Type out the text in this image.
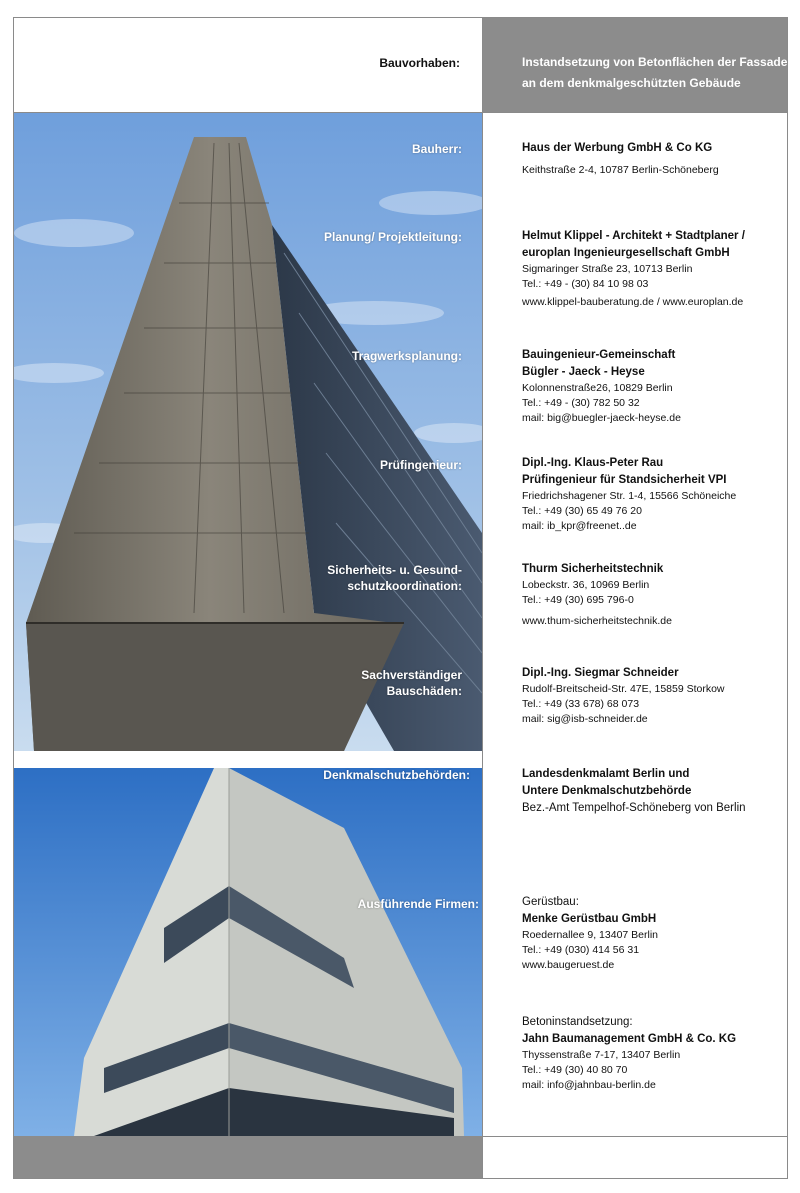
Bauvorhaben:	Instandsetzung von Betonflächen der Fassade
an dem denkmalgeschützten Gebäude
Bauherr:
Planung/ Projektleitung:
Tragwerksplanung:
Prüfingenieur:
Sicherheits- u. Gesund-
schutzkoordination:
Sachverständiger
Bauschäden:
Denkmalschutzbehörden:
Ausführende Firmen:
Haus der Werbung GmbH & Co KG
Keithstraße 2-4, 10787 Berlin-Schöneberg
Helmut Klippel - Architekt + Stadtplaner /
europlan Ingenieurgesellschaft GmbH
Sigmaringer Straße 23, 10713 Berlin
Tel.: +49 - (30) 84 10 98 03
www.klippel-bauberatung.de / www.europlan.de
Bauingenieur-Gemeinschaft
Bügler - Jaeck - Heyse
Kolonnenstraße26, 10829 Berlin
Tel.: +49 - (30) 782 50 32
mail: big@buegler-jaeck-heyse.de
Dipl.-Ing. Klaus-Peter Rau
Prüfingenieur für Standsicherheit VPI
Friedrichshagener Str. 1-4, 15566 Schöneiche
Tel.: +49 (30) 65 49 76 20
mail: ib_kpr@freenet..de
Thurm Sicherheitstechnik
Lobeckstr. 36, 10969 Berlin
Tel.: +49 (30) 695 796-0
www.thum-sicherheitstechnik.de
Dipl.-Ing. Siegmar Schneider
Rudolf-Breitscheid-Str. 47E, 15859 Storkow
Tel.: +49 (33 678) 68 073
mail: sig@isb-schneider.de
Landesdenkmalamt Berlin und
Untere Denkmalschutzbehörde
Bez.-Amt Tempelhof-Schöneberg von Berlin
Gerüstbau:
Menke Gerüstbau GmbH
Roedernallee 9, 13407 Berlin
Tel.: +49 (030) 414 56 31
www.baugeruest.de
Betoninstandsetzung:
Jahn Baumanagement GmbH & Co. KG
Thyssenstraße 7-17, 13407 Berlin
Tel.: +49 (30) 40 80 70
mail: info@jahnbau-berlin.de
